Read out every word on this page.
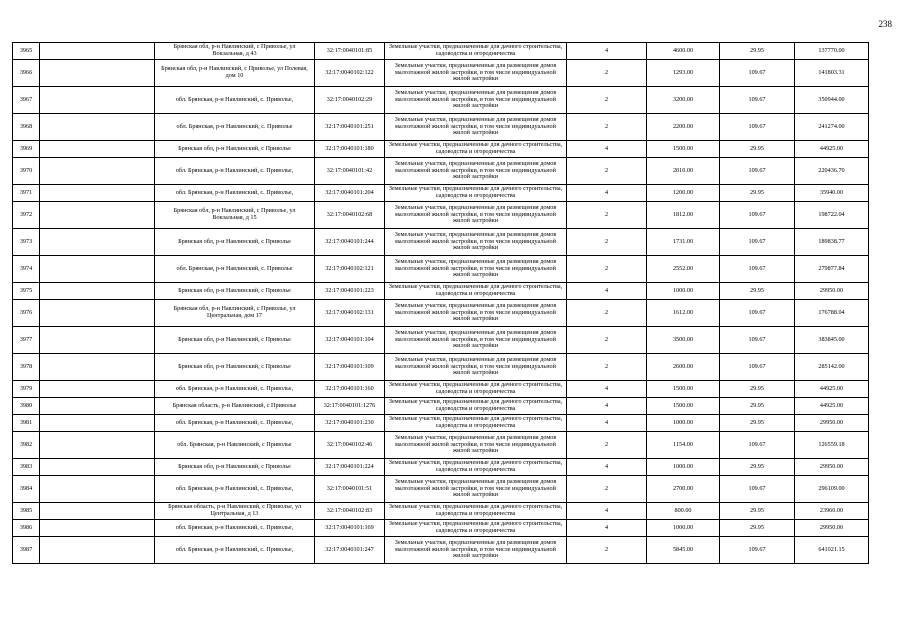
238
3965		Брянская обл, р-н Навлинский, с Приволье, ул Вокзальная, д 43	32:17:0040101:85	Земельные участки, предназначенные для дачного строительства, садоводства и огородничества	4	4600.00	29.95	137770.00
3966		Брянская обл, р-н Навлинский, с Приволье, ул Полевая, дом 10	32:17:0040102:122	Земельные участки, предназначенные для размещения домов малоэтажной жилой застройки, в том числе индивидуальной жилой застройки	2	1293.00	109.67	141803.31
3967		обл. Брянская, р-н Навлинский, с. Приволье,	32:17:0040102:29	Земельные участки, предназначенные для размещения домов малоэтажной жилой застройки, в том числе индивидуальной жилой застройки	2	3200.00	109.67	350944.00
3968		обл. Брянская, р-н Навлинский, с. Приволье	32:17:0040101:251	Земельные участки, предназначенные для размещения домов малоэтажной жилой застройки, в том числе индивидуальной жилой застройки	2	2200.00	109.67	241274.00
3969		Брянская обл, р-н Навлинский, с Приволье	32:17:0040101:180	Земельные участки, предназначенные для дачного строительства, садоводства и огородничества	4	1500.00	29.95	44925.00
3970		обл. Брянская, р-н Навлинский, с. Приволье,	32:17:0040101:42	Земельные участки, предназначенные для размещения домов малоэтажной жилой застройки, в том числе индивидуальной жилой застройки	2	2010.00	109.67	220436.70
3971		обл. Брянская, р-н Навлинский, с. Приволье,	32:17:0040101:204	Земельные участки, предназначенные для дачного строительства, садоводства и огородничества	4	1200.00	29.95	35940.00
3972		Брянская обл, р-н Навлинский, с Приволье, ул Вокзальная, д 15	32:17:0040102:68	Земельные участки, предназначенные для размещения домов малоэтажной жилой застройки, в том числе индивидуальной жилой застройки	2	1812.00	109.67	198722.04
3973		Брянская обл, р-н Навлинский, с Приволье	32:17:0040101:244	Земельные участки, предназначенные для размещения домов малоэтажной жилой застройки, в том числе индивидуальной жилой застройки	2	1731.00	109.67	189838.77
3974		обл. Брянская, р-н Навлинский, с. Приволье	32:17:0040102:121	Земельные участки, предназначенные для размещения домов малоэтажной жилой застройки, в том числе индивидуальной жилой застройки	2	2552.00	109.67	279877.84
3975		Брянская обл, р-н Навлинский, с Приволье	32:17:0040101:223	Земельные участки, предназначенные для дачного строительства, садоводства и огородничества	4	1000.00	29.95	29950.00
3976		Брянская обл, р-н Навлинский, с Приволье, ул Центральная, дом 17	32:17:0040102:131	Земельные участки, предназначенные для размещения домов малоэтажной жилой застройки, в том числе индивидуальной жилой застройки	2	1612.00	109.67	176788.04
3977		Брянская обл, р-н Навлинский, с Приволье	32:17:0040101:104	Земельные участки, предназначенные для размещения домов малоэтажной жилой застройки, в том числе индивидуальной жилой застройки	2	3500.00	109.67	383845.00
3978		Брянская обл, р-н Навлинский, с Приволье	32:17:0040101:109	Земельные участки, предназначенные для размещения домов малоэтажной жилой застройки, в том числе индивидуальной жилой застройки	2	2600.00	109.67	285142.00
3979		обл. Брянская, р-н Навлинский, с. Приволье,	32:17:0040101:160	Земельные участки, предназначенные для дачного строительства, садоводства и огородничества	4	1500.00	29.95	44925.00
3980		Брянская область, р-н Навлинский, с Приволье	32:17:0040101:1276	Земельные участки, предназначенные для дачного строительства, садоводства и огородничества	4	1500.00	29.95	44925.00
3981		обл. Брянская, р-н Навлинский, с. Приволье,	32:17:0040101:230	Земельные участки, предназначенные для дачного строительства, садоводства и огородничества	4	1000.00	29.95	29950.00
3982		обл. Брянская, р-н Навлинский, с Приволье	32:17:0040102:46	Земельные участки, предназначенные для размещения домов малоэтажной жилой застройки, в том числе индивидуальной жилой застройки	2	1154.00	109.67	126559.18
3983		Брянская обл, р-н Навлинский, с Приволье	32:17:0040101:224	Земельные участки, предназначенные для дачного строительства, садоводства и огородничества	4	1000.00	29.95	29950.00
3984		обл. Брянская, р-н Навлинский, с. Приволье,	32:17:0040101:51	Земельные участки, предназначенные для размещения домов малоэтажной жилой застройки, в том числе индивидуальной жилой застройки	2	2700.00	109.67	296109.00
3985		Брянская область, р-н Навлинский, с Приволье, ул Центральная, д 13	32:17:0040102:83	Земельные участки, предназначенные для дачного строительства, садоводства и огородничества	4	800.00	29.95	23960.00
3986		обл. Брянская, р-н Навлинский, с. Приволье,	32:17:0040101:169	Земельные участки, предназначенные для дачного строительства, садоводства и огородничества	4	1000.00	29.95	29950.00
3987		обл. Брянская, р-н Навлинский, с. Приволье,	32:17:0040101:247	Земельные участки, предназначенные для размещения домов малоэтажной жилой застройки, в том числе индивидуальной жилой застройки	2	5845.00	109.67	641021.15
